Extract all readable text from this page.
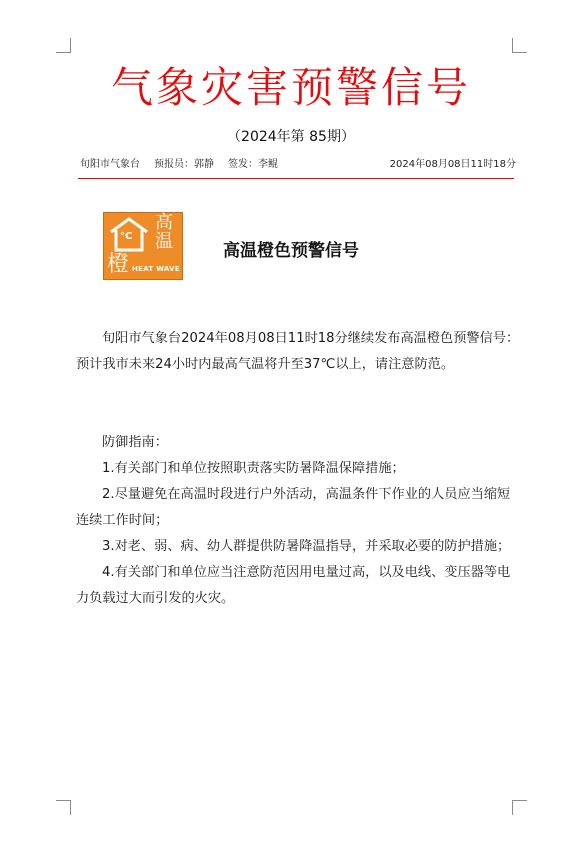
气象灾害预警信号
（2024年第 85期）
旬阳市气象台 预报员：郭静 签发：李鲲	2024年08月08日11时18分
°C
橙
高
温
HEAT WAVE
高温橙色预警信号

旬阳市气象台2024年08月08日11时18分继续发布高温橙色预警信号：预计我市未来24小时内最高气温将升至37℃以上，请注意防范。

防御指南：

1.有关部门和单位按照职责落实防暑降温保障措施；

2.尽量避免在高温时段进行户外活动，高温条件下作业的人员应当缩短连续工作时间；

3.对老、弱、病、幼人群提供防暑降温指导，并采取必要的防护措施；

4.有关部门和单位应当注意防范因用电量过高，以及电线、变压器等电力负载过大而引发的火灾。
